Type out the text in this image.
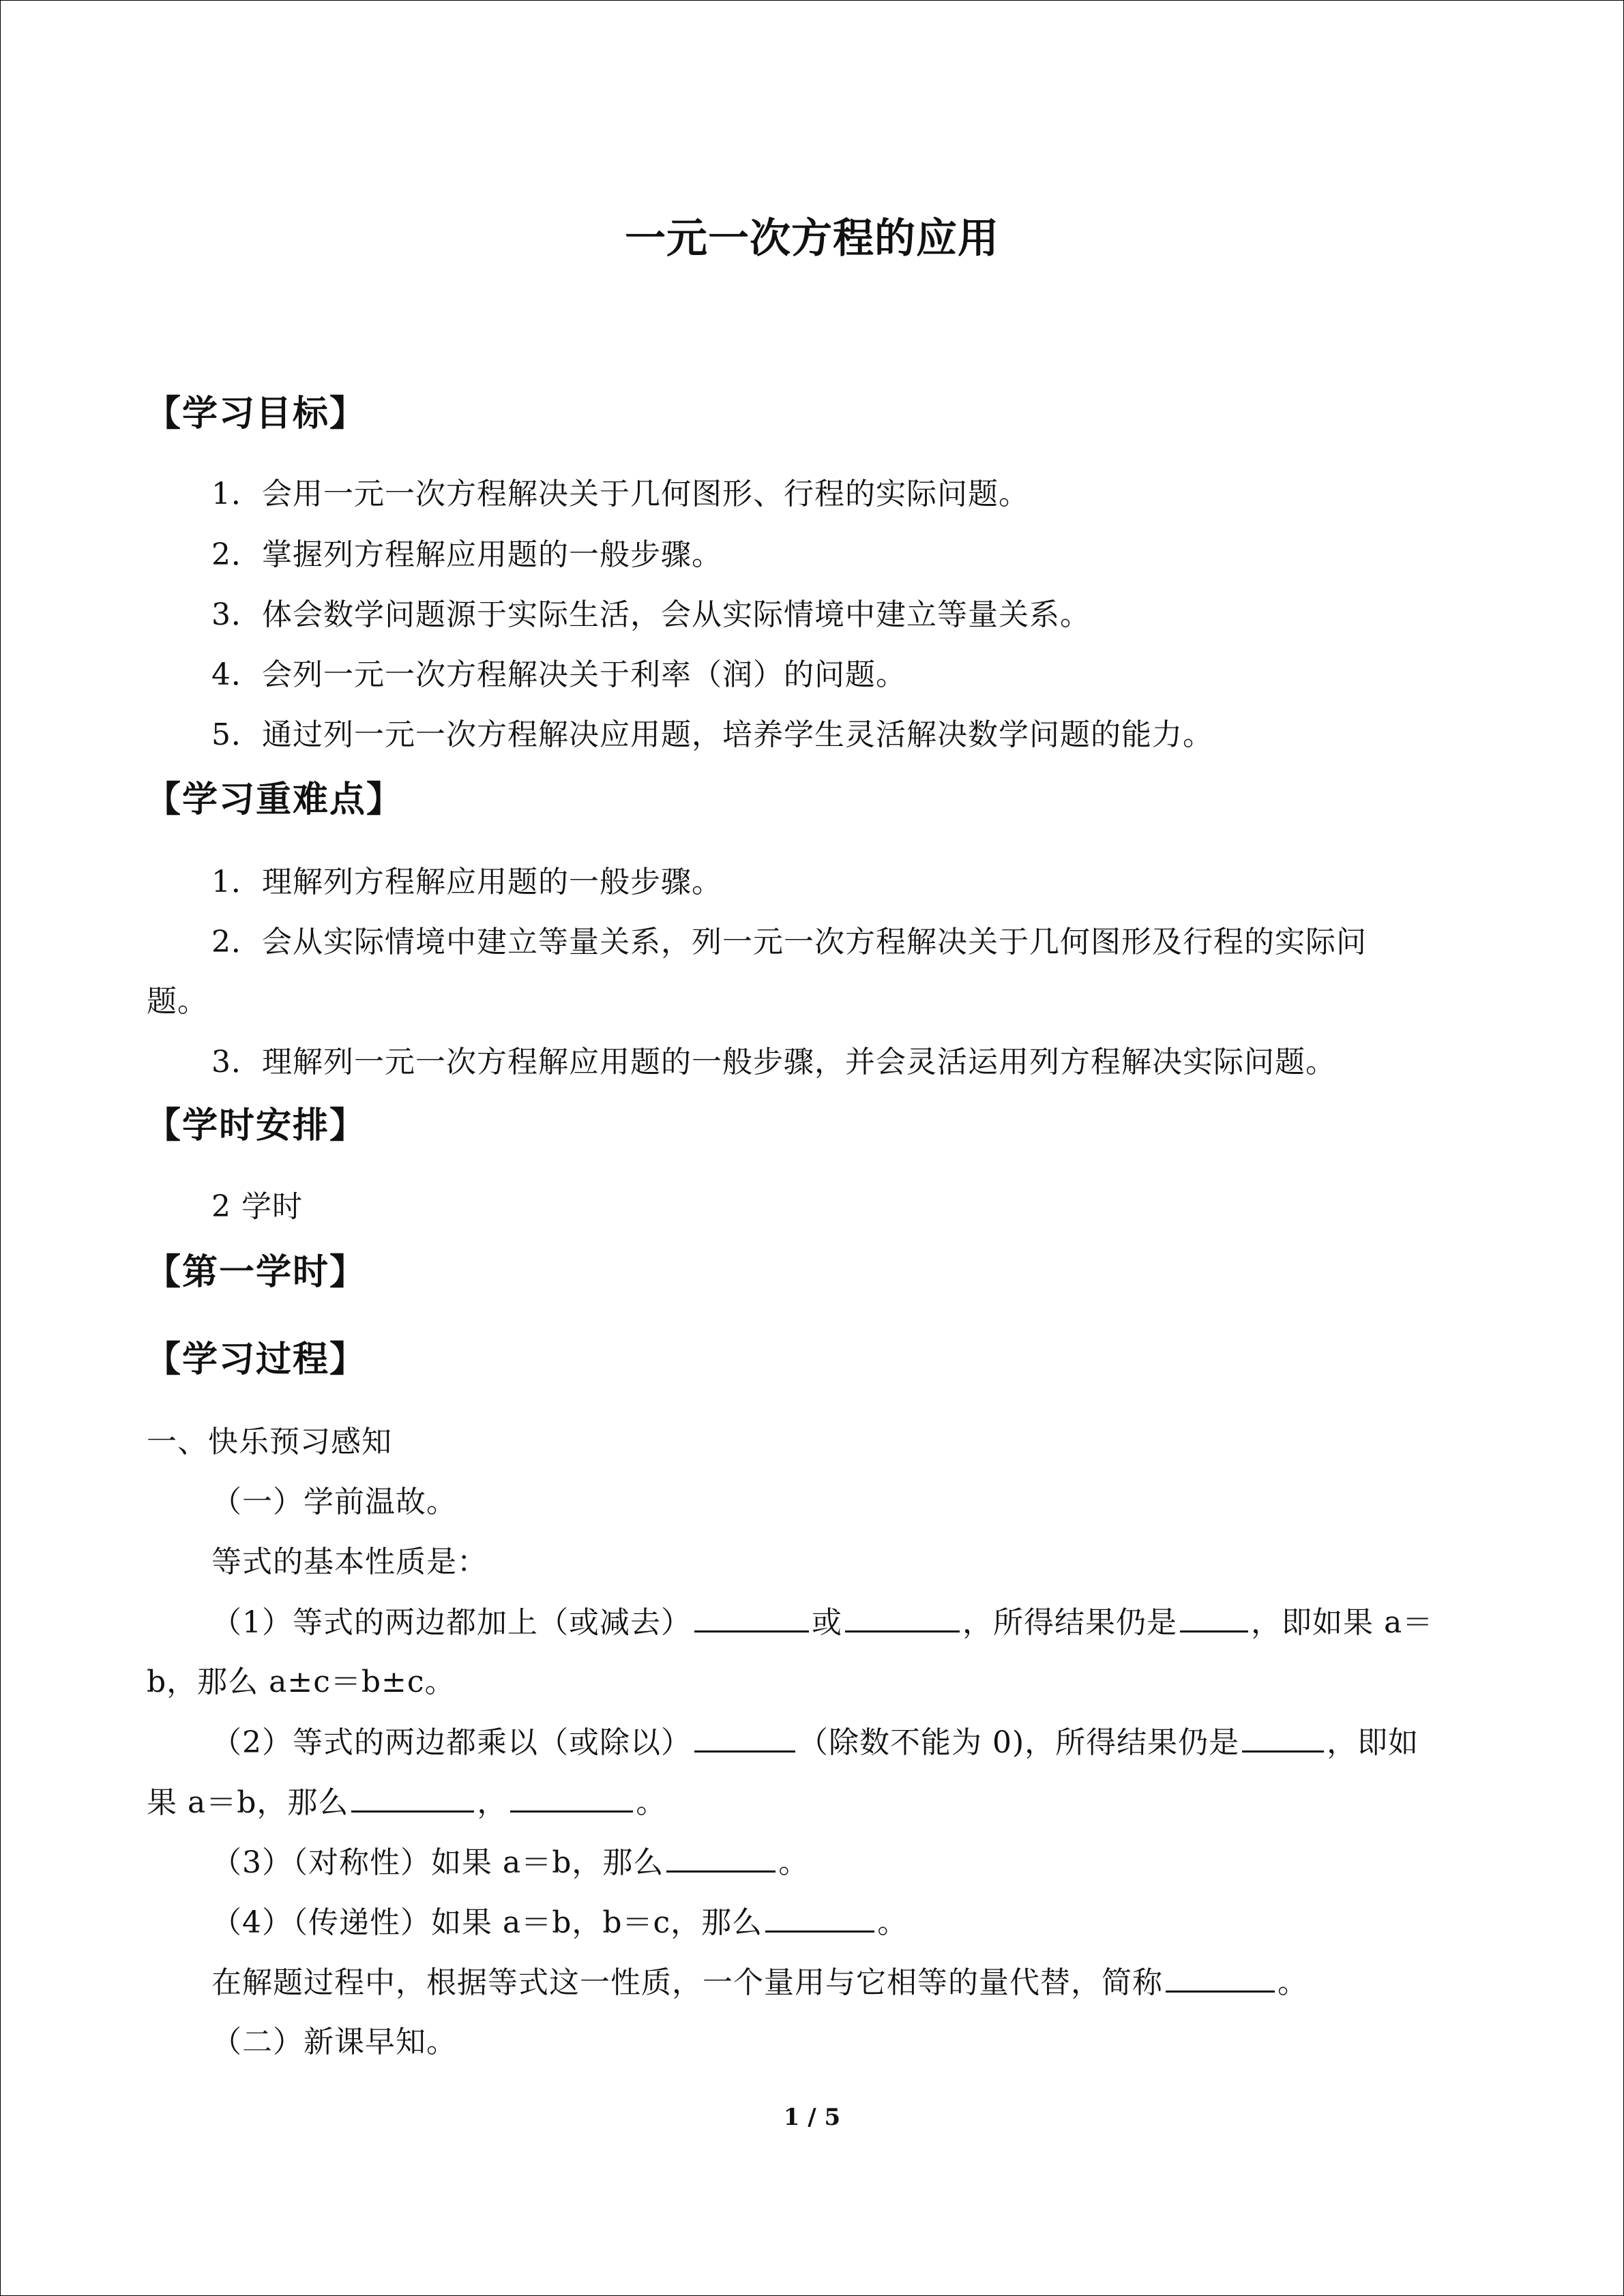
一元一次方程的应用
【学习目标】
1．会用一元一次方程解决关于几何图形、行程的实际问题。
2．掌握列方程解应用题的一般步骤。
3．体会数学问题源于实际生活，会从实际情境中建立等量关系。
4．会列一元一次方程解决关于利率（润）的问题。
5．通过列一元一次方程解决应用题，培养学生灵活解决数学问题的能力。
【学习重难点】
1．理解列方程解应用题的一般步骤。
2．会从实际情境中建立等量关系，列一元一次方程解决关于几何图形及行程的实际问
题。
3．理解列一元一次方程解应用题的一般步骤，并会灵活运用列方程解决实际问题。
【学时安排】
2 学时
【第一学时】
【学习过程】
一、快乐预习感知
（一）学前温故。
等式的基本性质是：
（1）等式的两边都加上（或减去）	或	，所得结果仍是 ，即如果 a＝
b，那么 a±c＝b±c。
（2）等式的两边都乘以（或除以）	（除数不能为 0)，所得结果仍是	，即如
果 a＝b，那么	，	。
（3）（对称性）如果 a＝b，那么	。
（4）（传递性）如果 a＝b，b＝c，那么	。
在解题过程中，根据等式这一性质，一个量用与它相等的量代替，简称	。
（二）新课早知。
1 / 5
